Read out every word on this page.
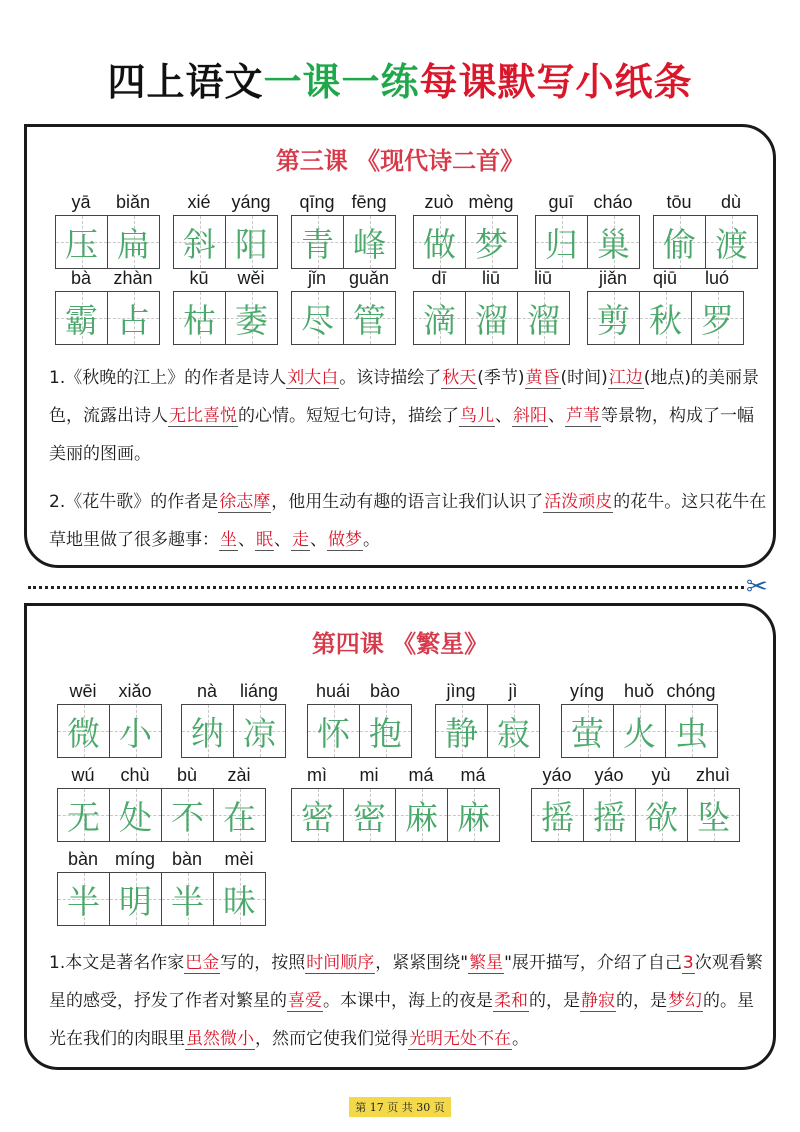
四上语文一课一练每课默写小纸条
第三课 《现代诗二首》
yā	biǎn
压 扁
xié	yáng
斜 阳
qīng fēng
青 峰
zuò mèng
做 梦
guī	cháo
归 巢
tōu	dù
偷 渡
bà	zhàn
霸 占
kū	wěi
枯 萎
jǐn	guǎn
尽 管
dī	liū	liū
滴 溜 溜
jiǎn	qiū	luó
剪 秋 罗
1.《秋晚的江上》的作者是诗人刘大白。该诗描绘了秋天(季节)黄昏(时间)江边(地点)的美丽景色，流露出诗人无比喜悦的心情。短短七句诗，描绘了鸟儿、斜阳、芦苇等景物，构成了一幅美丽的图画。
2.《花牛歌》的作者是徐志摩，他用生动有趣的语言让我们认识了活泼顽皮的花牛。这只花牛在草地里做了很多趣事：坐、眠、走、做梦。
✂
第四课 《繁星》
wēi	xiǎo
微 小
nà	liáng
纳 凉
huái	bào
怀 抱
jìng	jì
静 寂
yíng	huǒ chóng
萤 火 虫
wú	chù	bù	zài
无 处 不 在
mì	mi	má	má
密 密 麻 麻
yáo	yáo	yù	zhuì
摇 摇 欲 坠
bàn míng bàn	mèi
半 明 半 昧
1.本文是著名作家巴金写的，按照时间顺序，紧紧围绕"繁星"展开描写，介绍了自己3次观看繁星的感受，抒发了作者对繁星的喜爱。本课中，海上的夜是柔和的，是静寂的，是梦幻的。星光在我们的肉眼里虽然微小，然而它使我们觉得光明无处不在。
第 17 页 共 30 页
